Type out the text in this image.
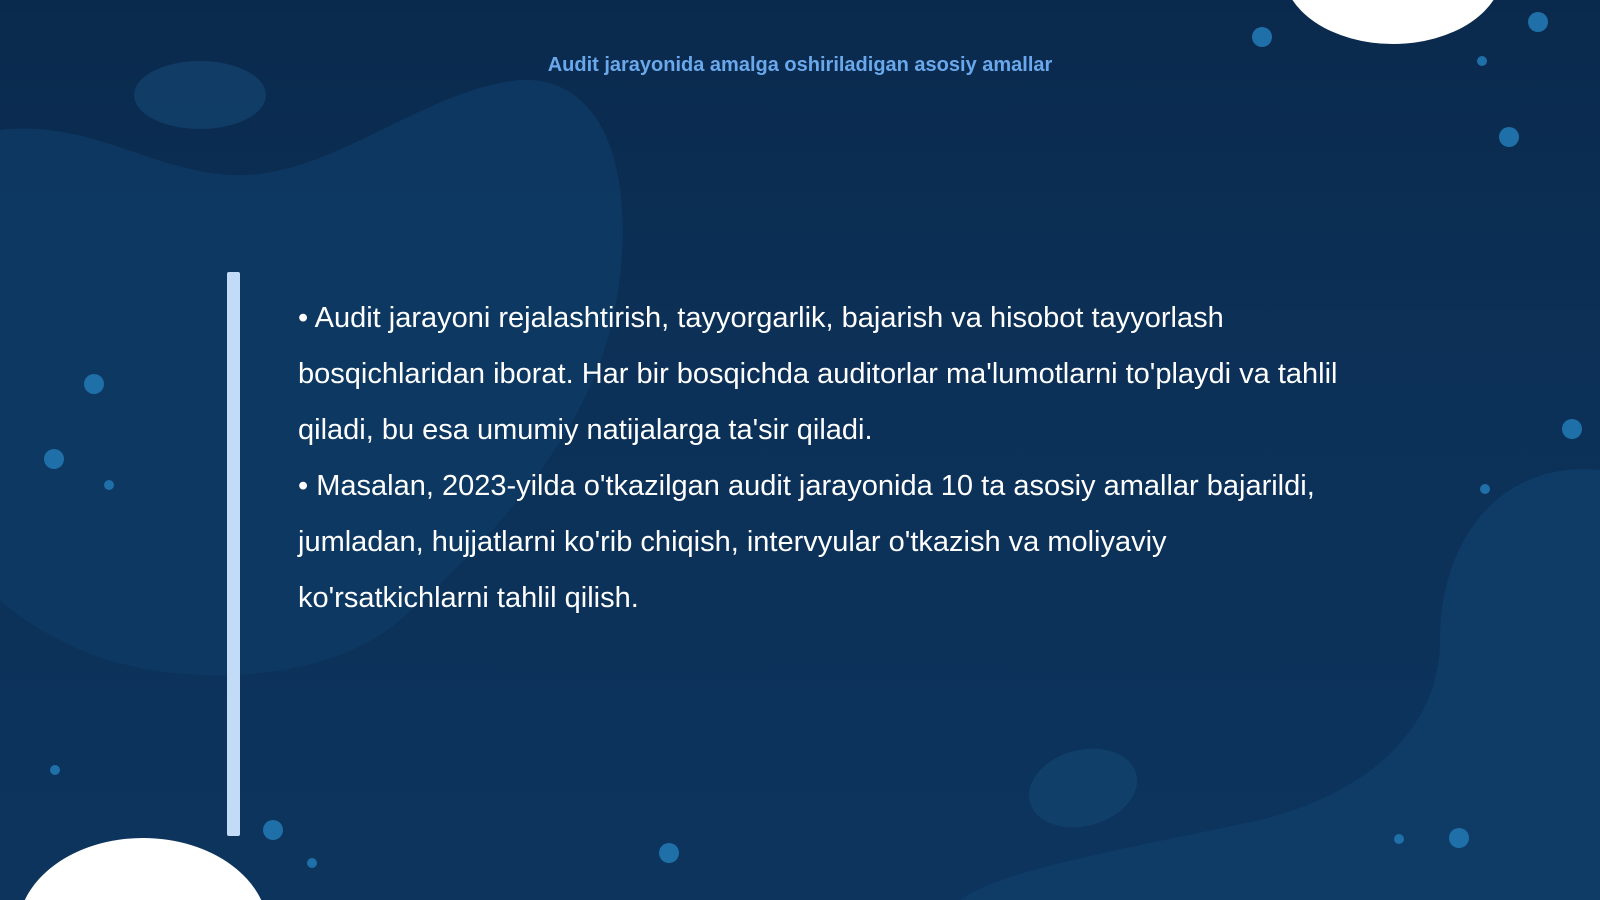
Audit jarayonida amalga oshiriladigan asosiy amallar

• Audit jarayoni rejalashtirish, tayyorgarlik, bajarish va hisobot tayyorlash bosqichlaridan iborat. Har bir bosqichda auditorlar ma'lumotlarni to'playdi va tahlil qiladi, bu esa umumiy natijalarga ta'sir qiladi.

• Masalan, 2023-yilda o'tkazilgan audit jarayonida 10 ta asosiy amallar bajarildi, jumladan, hujjatlarni ko'rib chiqish, intervyular o'tkazish va moliyaviy ko'rsatkichlarni tahlil qilish.
